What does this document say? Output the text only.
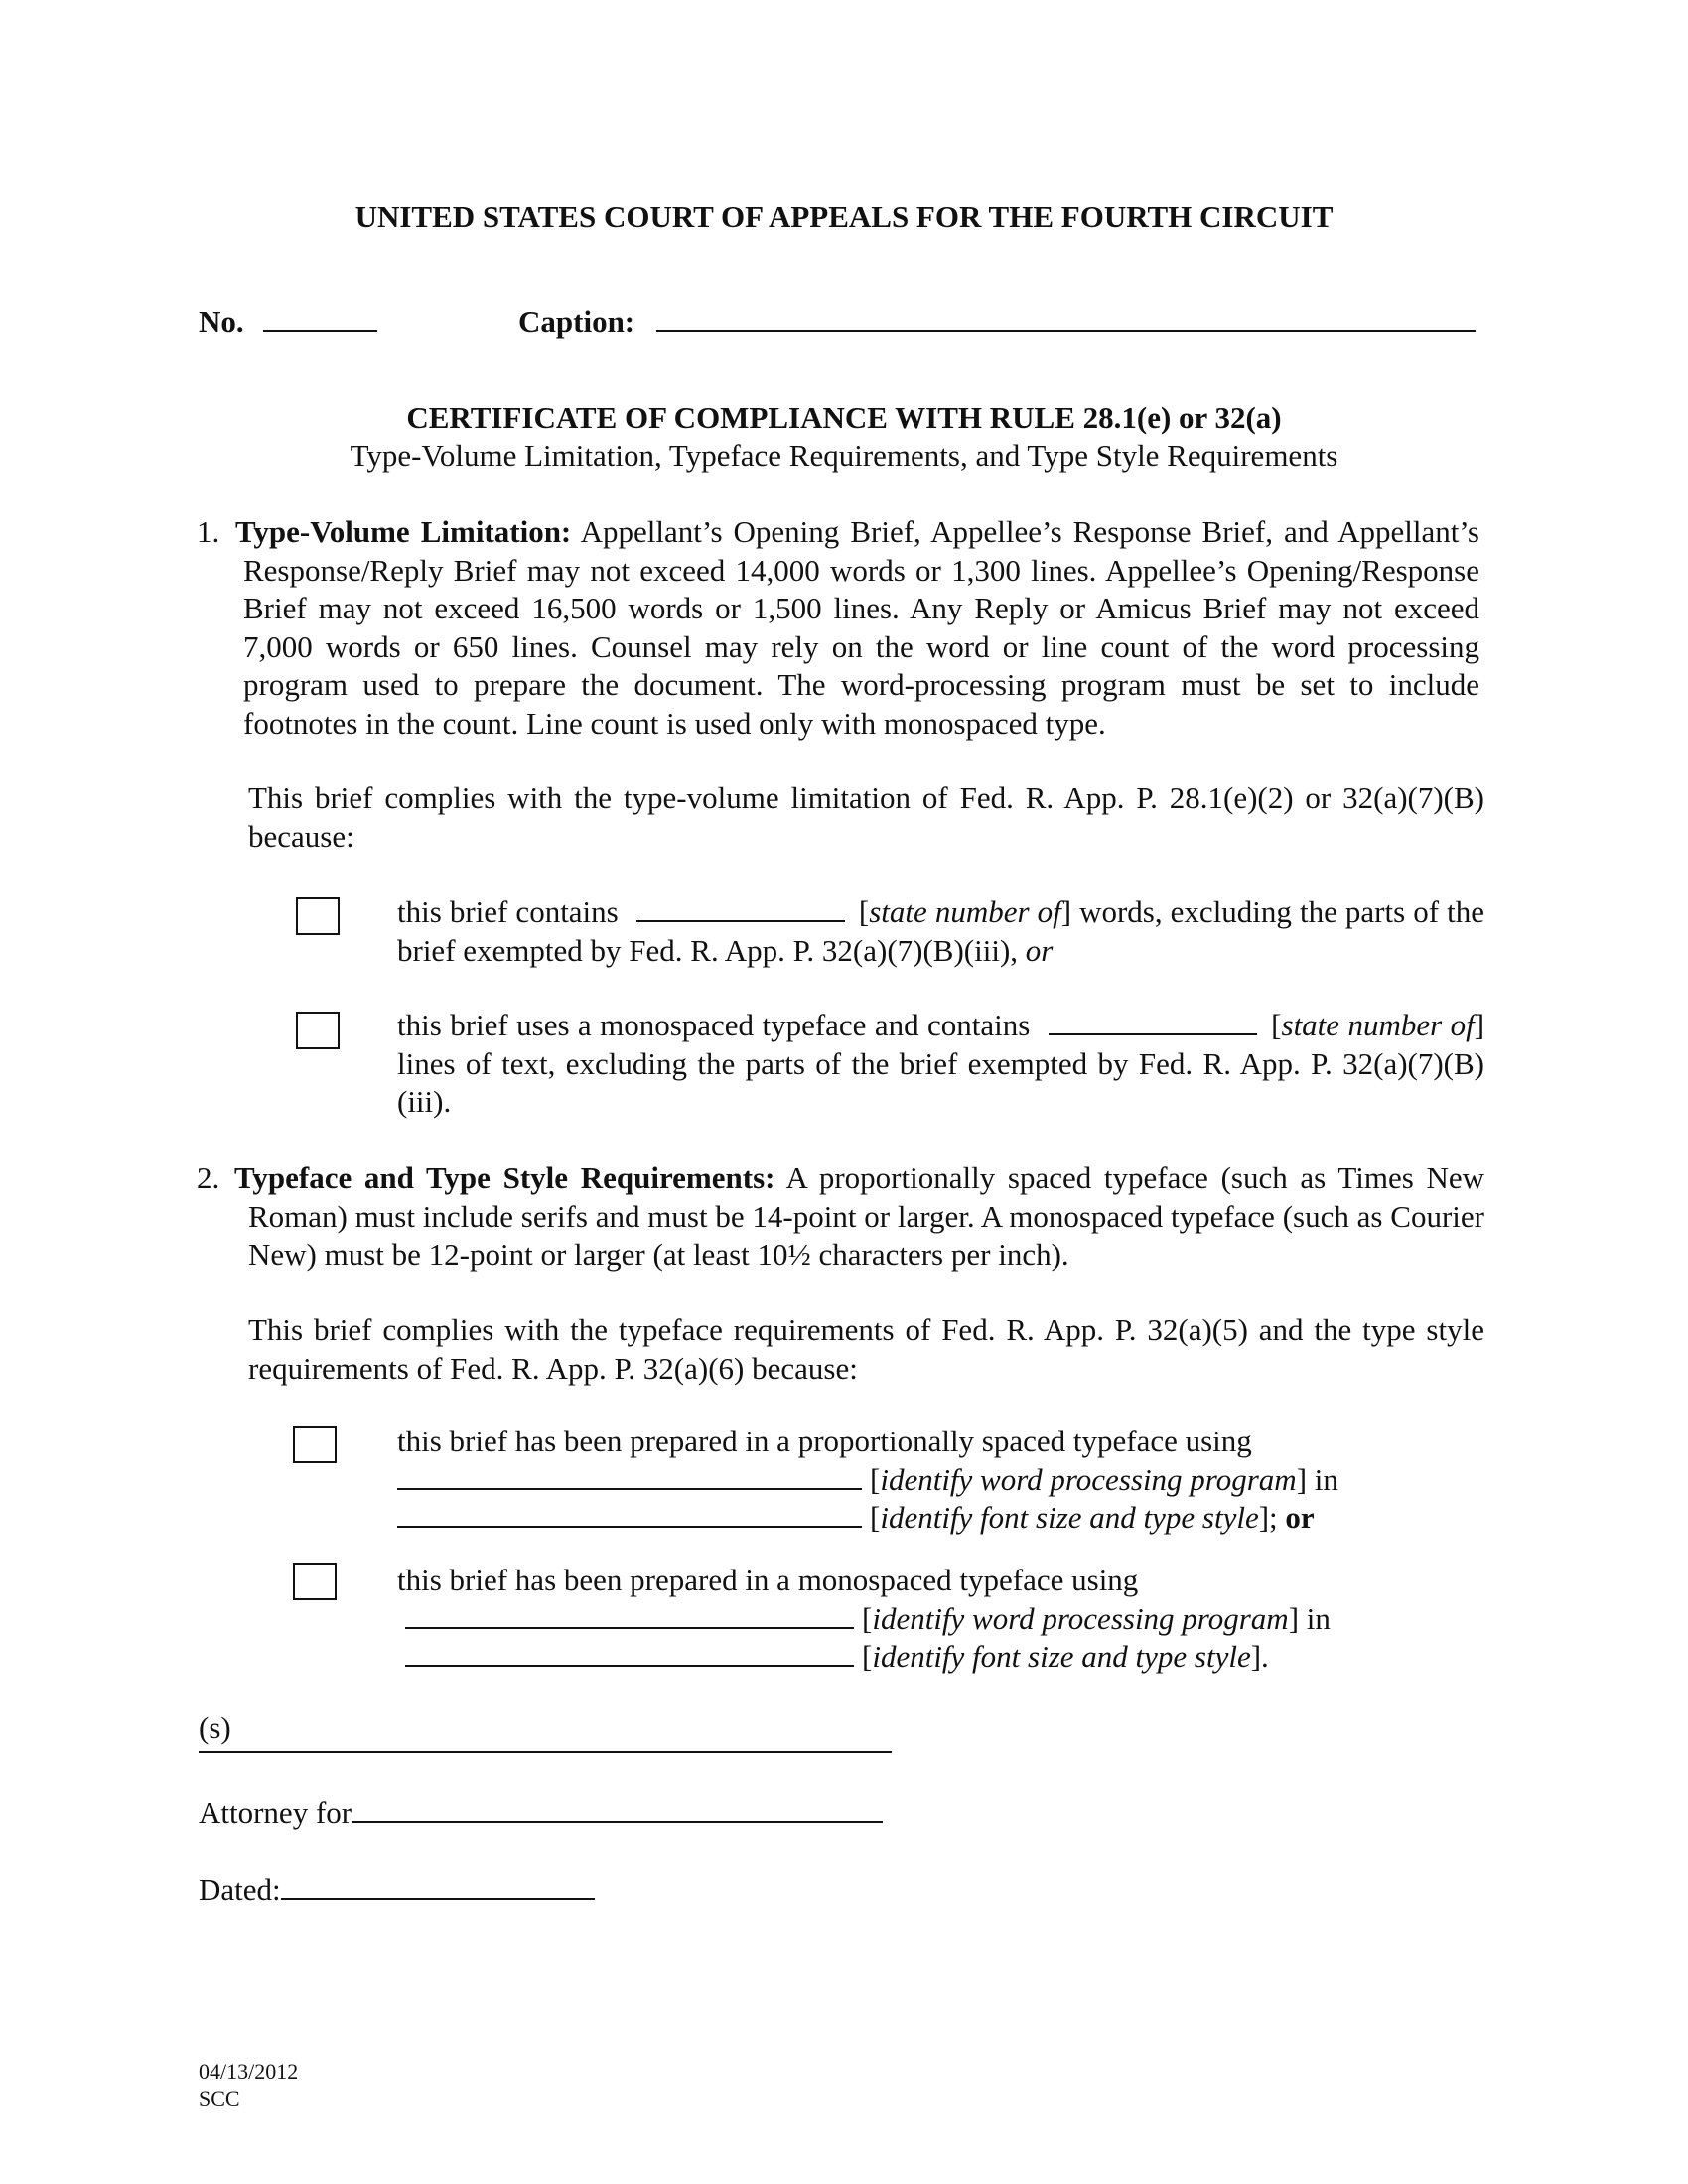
UNITED STATES COURT OF APPEALS FOR THE FOURTH CIRCUIT
No.	Caption:
CERTIFICATE OF COMPLIANCE WITH RULE 28.1(e) or 32(a)
Type-Volume Limitation, Typeface Requirements, and Type Style Requirements
1. Type-Volume Limitation: Appellant’s Opening Brief, Appellee’s Response Brief, and Appellant’s Response/Reply Brief may not exceed 14,000 words or 1,300 lines. Appellee’s Opening/Response Brief may not exceed 16,500 words or 1,500 lines. Any Reply or Amicus Brief may not exceed 7,000 words or 650 lines. Counsel may rely on the word or line count of the word processing program used to prepare the document. The word-processing program must be set to include footnotes in the count. Line count is used only with monospaced type.
This brief complies with the type-volume limitation of Fed. R. App. P. 28.1(e)(2) or 32(a)(7)(B) because:
this brief contains	[state number of] words, excluding the parts of the brief exempted by Fed. R. App. P. 32(a)(7)(B)(iii), or
this brief uses a monospaced typeface and contains	[state number of] lines of text, excluding the parts of the brief exempted by Fed. R. App. P. 32(a)(7)(B)(iii).
2. Typeface and Type Style Requirements: A proportionally spaced typeface (such as Times New Roman) must include serifs and must be 14-point or larger. A monospaced typeface (such as Courier New) must be 12-point or larger (at least 10½ characters per inch).
This brief complies with the typeface requirements of Fed. R. App. P. 32(a)(5) and the type style requirements of Fed. R. App. P. 32(a)(6) because:
this brief has been prepared in a proportionally spaced typeface using
[identify word processing program] in
[identify font size and type style]; or
this brief has been prepared in a monospaced typeface using
[identify word processing program] in
[identify font size and type style].
(s)
Attorney for
Dated:
04/13/2012
SCC
